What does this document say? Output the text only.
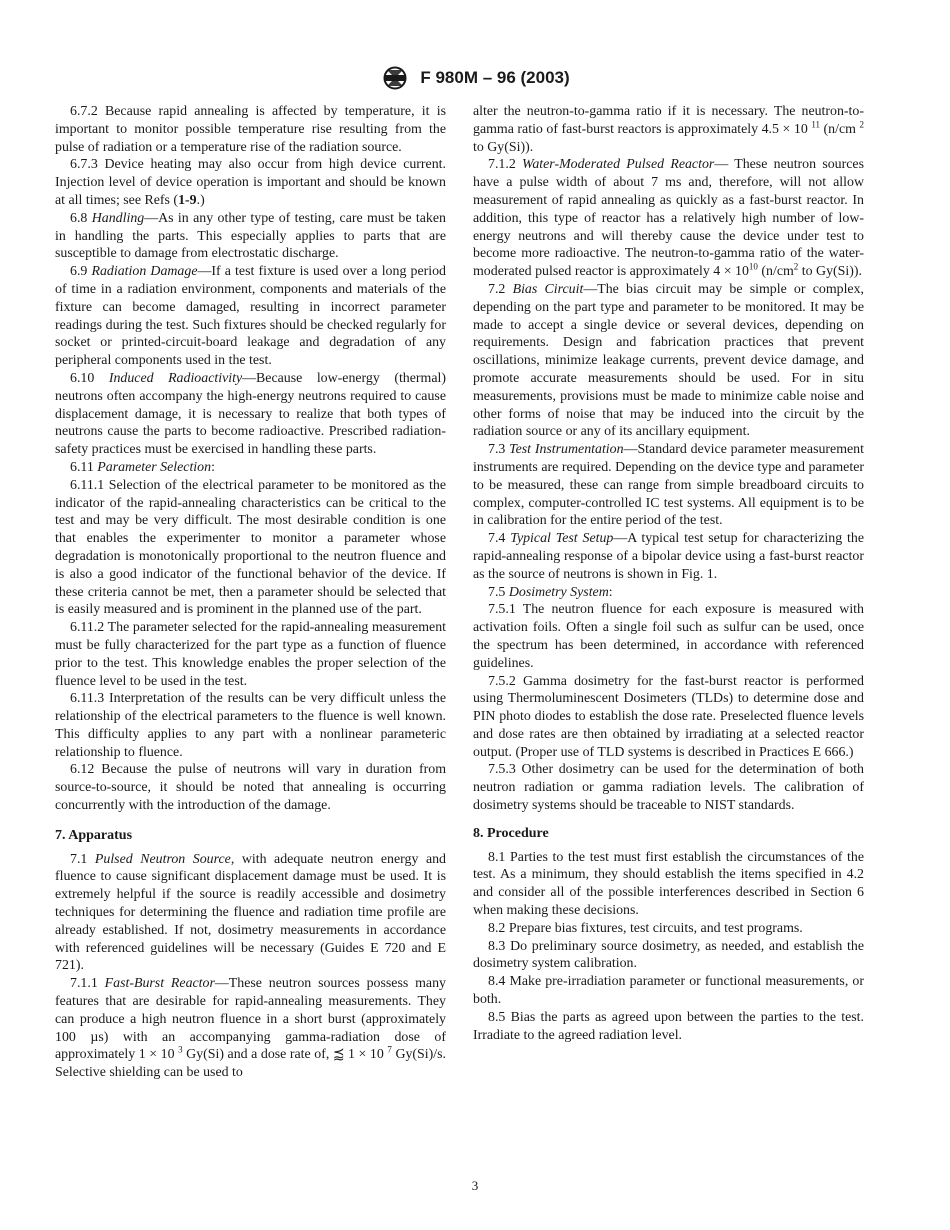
F 980M – 96 (2003)

6.7.2 Because rapid annealing is affected by temperature, it is important to monitor possible temperature rise resulting from the pulse of radiation or a temperature rise of the radiation source.

6.7.3 Device heating may also occur from high device current. Injection level of device operation is important and should be known at all times; see Refs (1-9.)

6.8 Handling—As in any other type of testing, care must be taken in handling the parts. This especially applies to parts that are susceptible to damage from electrostatic discharge.

6.9 Radiation Damage—If a test fixture is used over a long period of time in a radiation environment, components and materials of the fixture can become damaged, resulting in incorrect parameter readings during the test. Such fixtures should be checked regularly for socket or printed-circuit-board leakage and degradation of any peripheral components used in the test.

6.10 Induced Radioactivity—Because low-energy (thermal) neutrons often accompany the high-energy neutrons required to cause displacement damage, it is necessary to realize that both types of neutrons cause the parts to become radioactive. Prescribed radiation-safety practices must be exercised in handling these parts.

6.11 Parameter Selection:

6.11.1 Selection of the electrical parameter to be monitored as the indicator of the rapid-annealing characteristics can be critical to the test and may be very difficult. The most desirable condition is one that enables the experimenter to monitor a parameter whose degradation is monotonically proportional to the neutron fluence and is also a good indicator of the functional behavior of the device. If these criteria cannot be met, then a parameter should be selected that is easily measured and is prominent in the planned use of the part.

6.11.2 The parameter selected for the rapid-annealing measurement must be fully characterized for the part type as a function of fluence prior to the test. This knowledge enables the proper selection of the fluence level to be used in the test.

6.11.3 Interpretation of the results can be very difficult unless the relationship of the electrical parameters to the fluence is well known. This difficulty applies to any part with a nonlinear parameteric relationship to fluence.

6.12 Because the pulse of neutrons will vary in duration from source-to-source, it should be noted that annealing is occurring concurrently with the introduction of the damage.

7. Apparatus

7.1 Pulsed Neutron Source, with adequate neutron energy and fluence to cause significant displacement damage must be used. It is extremely helpful if the source is readily accessible and dosimetry techniques for determining the fluence and radiation time profile are already established. If not, dosimetry measurements in accordance with referenced guidelines will be necessary (Guides E 720 and E 721).

7.1.1 Fast-Burst Reactor—These neutron sources possess many features that are desirable for rapid-annealing measurements. They can produce a high neutron fluence in a short burst (approximately 100 µs) with an accompanying gamma-radiation dose of approximately 1 × 10 $^3$ Gy(Si) and a dose rate of, ⪷ 1 × 10 $^7$ Gy(Si)/s. Selective shielding can be used to

alter the neutron-to-gamma ratio if it is necessary. The neutron-to-gamma ratio of fast-burst reactors is approximately 4.5 × 10 $^{11}$ (n/cm $^2$ to Gy(Si)).

7.1.2 Water-Moderated Pulsed Reactor— These neutron sources have a pulse width of about 7 ms and, therefore, will not allow measurement of rapid annealing as quickly as a fast-burst reactor. In addition, this type of reactor has a relatively high number of low-energy neutrons and will thereby cause the device under test to become more radioactive. The neutron-to-gamma ratio of the water-moderated pulsed reactor is approximately $4 \times 10^{10}$ ($n/cm^2$ to Gy(Si)).

7.2 Bias Circuit—The bias circuit may be simple or complex, depending on the part type and parameter to be monitored. It may be made to accept a single device or several devices, depending on requirements. Design and fabrication practices that prevent oscillations, minimize leakage currents, prevent device damage, and promote accurate measurements should be used. For in situ measurements, provisions must be made to minimize cable noise and other forms of noise that may be induced into the circuit by the radiation source or any of its ancillary equipment.

7.3 Test Instrumentation—Standard device parameter measurement instruments are required. Depending on the device type and parameter to be measured, these can range from simple breadboard circuits to complex, computer-controlled IC test systems. All equipment is to be in calibration for the entire period of the test.

7.4 Typical Test Setup—A typical test setup for characterizing the rapid-annealing response of a bipolar device using a fast-burst reactor as the source of neutrons is shown in Fig. 1.

7.5 Dosimetry System:

7.5.1 The neutron fluence for each exposure is measured with activation foils. Often a single foil such as sulfur can be used, once the spectrum has been determined, in accordance with referenced guidelines.

7.5.2 Gamma dosimetry for the fast-burst reactor is performed using Thermoluminescent Dosimeters (TLDs) to determine dose and PIN photo diodes to establish the dose rate. Preselected fluence levels and dose rates are then obtained by irradiating at a selected reactor output. (Proper use of TLD systems is described in Practices E 666.)

7.5.3 Other dosimetry can be used for the determination of both neutron radiation or gamma radiation levels. The calibration of dosimetry systems should be traceable to NIST standards.

8. Procedure

8.1 Parties to the test must first establish the circumstances of the test. As a minimum, they should establish the items specified in 4.2 and consider all of the possible interferences described in Section 6 when making these decisions.

8.2 Prepare bias fixtures, test circuits, and test programs.

8.3 Do preliminary source dosimetry, as needed, and establish the dosimetry system calibration.

8.4 Make pre-irradiation parameter or functional measurements, or both.

8.5 Bias the parts as agreed upon between the parties to the test. Irradiate to the agreed radiation level.

3
